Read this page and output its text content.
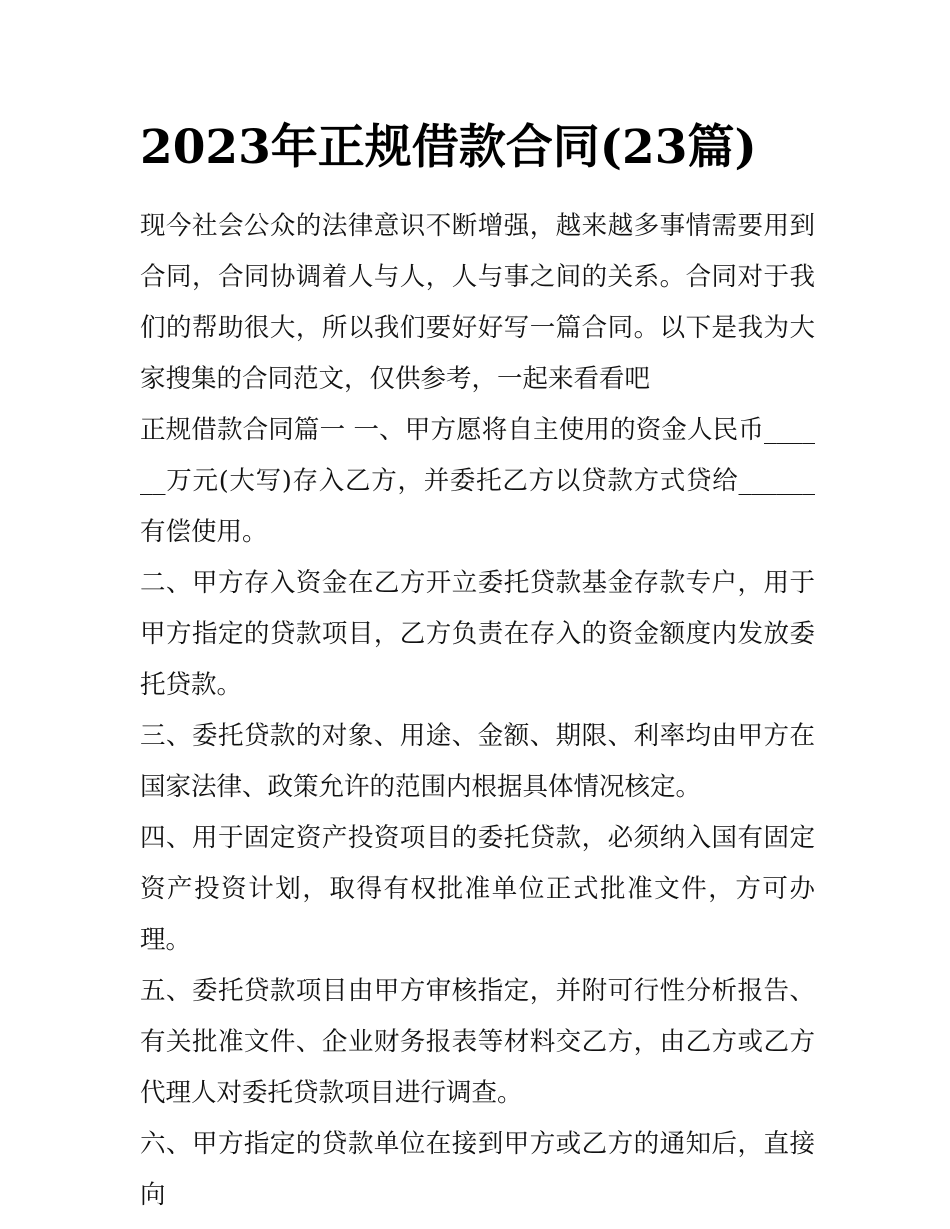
2023年正规借款合同(23篇)

现今社会公众的法律意识不断增强，越来越多事情需要用到合同，合同协调着人与人，人与事之间的关系。合同对于我们的帮助很大，所以我们要好好写一篇合同。以下是我为大家搜集的合同范文，仅供参考，一起来看看吧

正规借款合同篇一 一、甲方愿将自主使用的资金人民币______万元(大写)存入乙方，并委托乙方以贷款方式贷给______有偿使用。

二、甲方存入资金在乙方开立委托贷款基金存款专户，用于甲方指定的贷款项目，乙方负责在存入的资金额度内发放委托贷款。

三、委托贷款的对象、用途、金额、期限、利率均由甲方在国家法律、政策允许的范围内根据具体情况核定。

四、用于固定资产投资项目的委托贷款，必须纳入国有固定资产投资计划，取得有权批准单位正式批准文件，方可办理。

五、委托贷款项目由甲方审核指定，并附可行性分析报告、有关批准文件、企业财务报表等材料交乙方，由乙方或乙方代理人对委托贷款项目进行调查。

六、甲方指定的贷款单位在接到甲方或乙方的通知后，直接向
